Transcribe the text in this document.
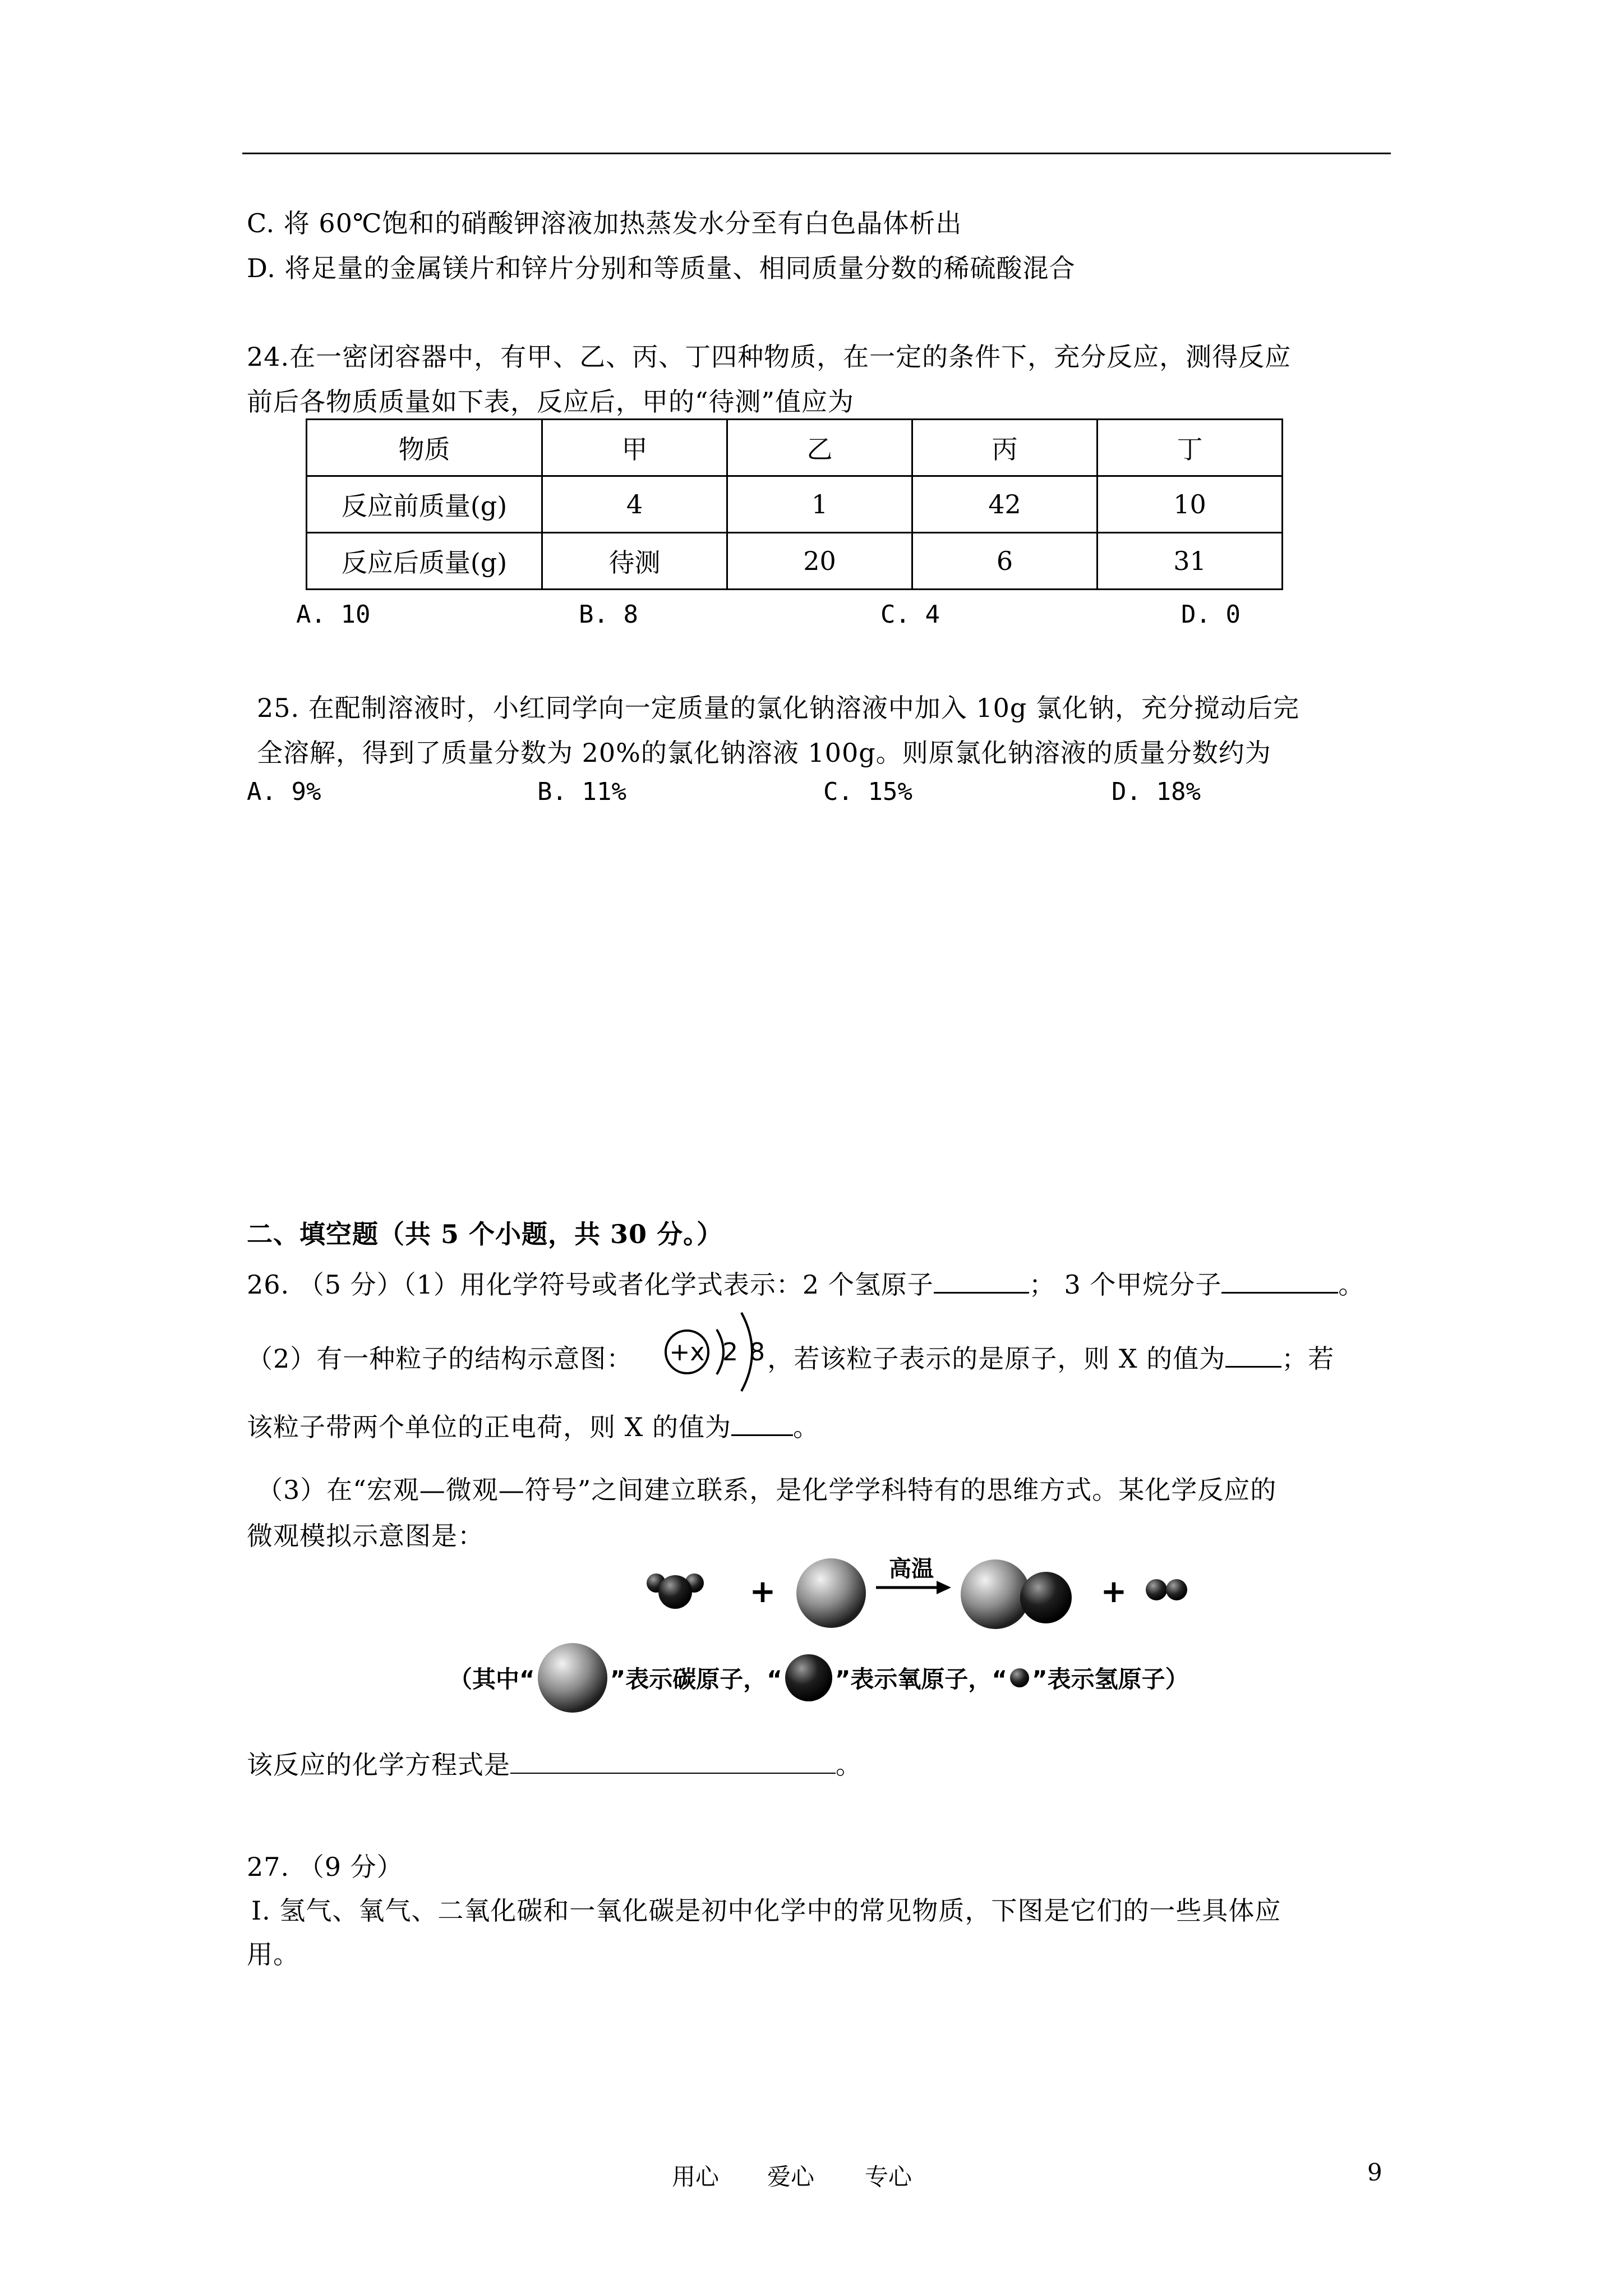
C. 将 60℃饱和的硝酸钾溶液加热蒸发水分至有白色晶体析出
D. 将足量的金属镁片和锌片分别和等质量、相同质量分数的稀硫酸混合
24.在一密闭容器中，有甲、乙、丙、丁四种物质，在一定的条件下，充分反应，测得反应
前后各物质质量如下表，反应后，甲的“待测”值应为
物质	甲	乙	丙	丁
反应前质量(g)	4	1	42	10
反应后质量(g)	待测	20	6	31
A. 10	B. 8	C. 4	D. 0
25. 在配制溶液时，小红同学向一定质量的氯化钠溶液中加入 10g 氯化钠，充分搅动后完
全溶解，得到了质量分数为 20%的氯化钠溶液 100g。则原氯化钠溶液的质量分数约为
A. 9%	B. 11%	C. 15%	D. 18%
二、填空题（共 5 个小题，共 30 分。）
26. （5 分）（1）用化学符号或者化学式表示：2 个氢原子	； 3 个甲烷分子	。
（2）有一种粒子的结构示意图：	，若该粒子表示的是原子，则 X 的值为 ；若
+x 2 8
该粒子带两个单位的正电荷，则 X 的值为 。
（3）在“宏观—微观—符号”之间建立联系，是化学学科特有的思维方式。某化学反应的
微观模拟示意图是：
+
高温
+
（其中“	”表示碳原子，“ ”表示氧原子，“ ”表示氢原子）
该反应的化学方程式是	。
27. （9 分）
Ⅰ. 氢气、氧气、二氧化碳和一氧化碳是初中化学中的常见物质，下图是它们的一些具体应
用。
用心 爱心 专心	9
